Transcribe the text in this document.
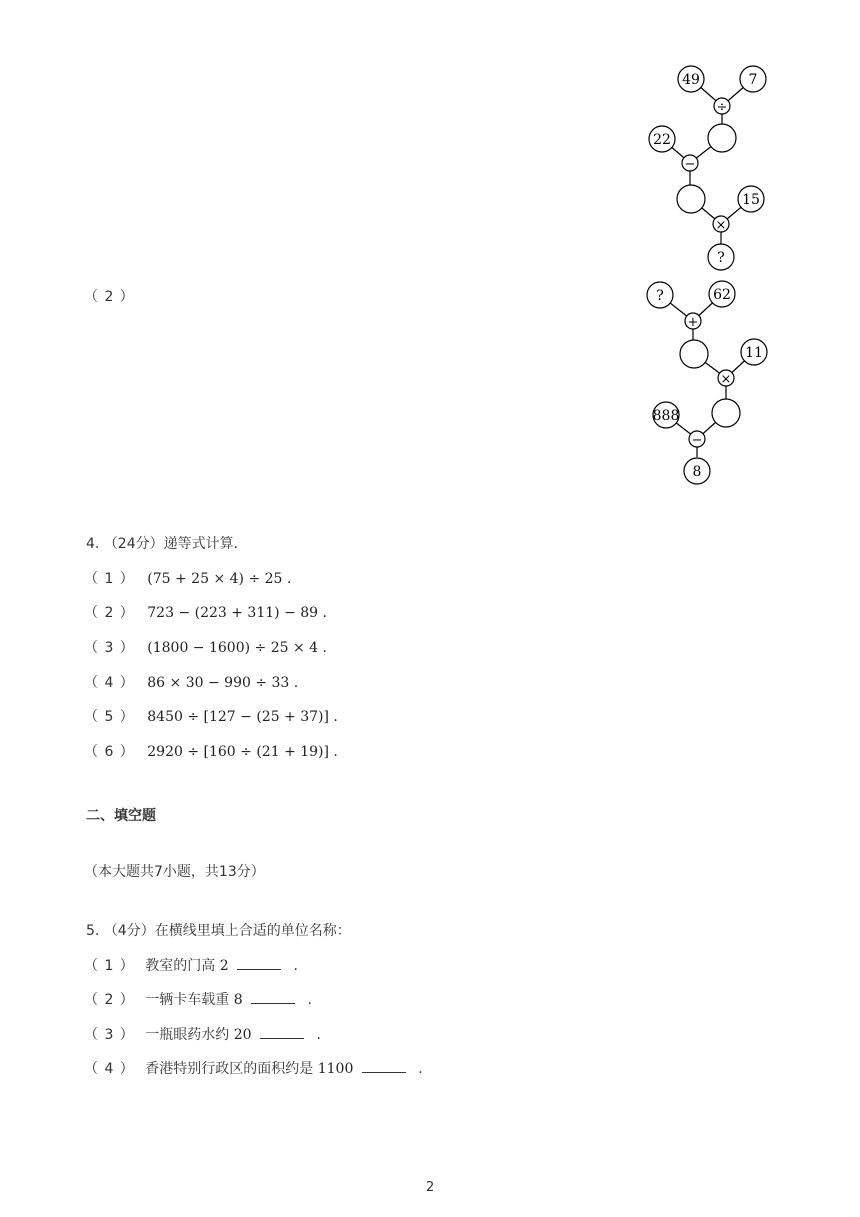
49	7
÷
22
−
15
×
?
（ 2 ）	?	62
+
11
×
888
−
8
4. （24分）递等式计算．
（ 1 ） (75 + 25 × 4) ÷ 25 .
（ 2 ） 723 − (223 + 311) − 89 .
（ 3 ） (1800 − 1600) ÷ 25 × 4 .
（ 4 ） 86 × 30 − 990 ÷ 33 .
（ 5 ） 8450 ÷ [127 − (25 + 37)] .
（ 6 ） 2920 ÷ [160 ÷ (21 + 19)] .
二、填空题
（本大题共7小题，共13分）
5. （4分）在横线里填上合适的单位名称：
（ 1 ） 教室的门高 2	.
（ 2 ） 一辆卡车载重 8	.
（ 3 ） 一瓶眼药水约 20	.
（ 4 ） 香港特别行政区的面积约是 1100	.
2
